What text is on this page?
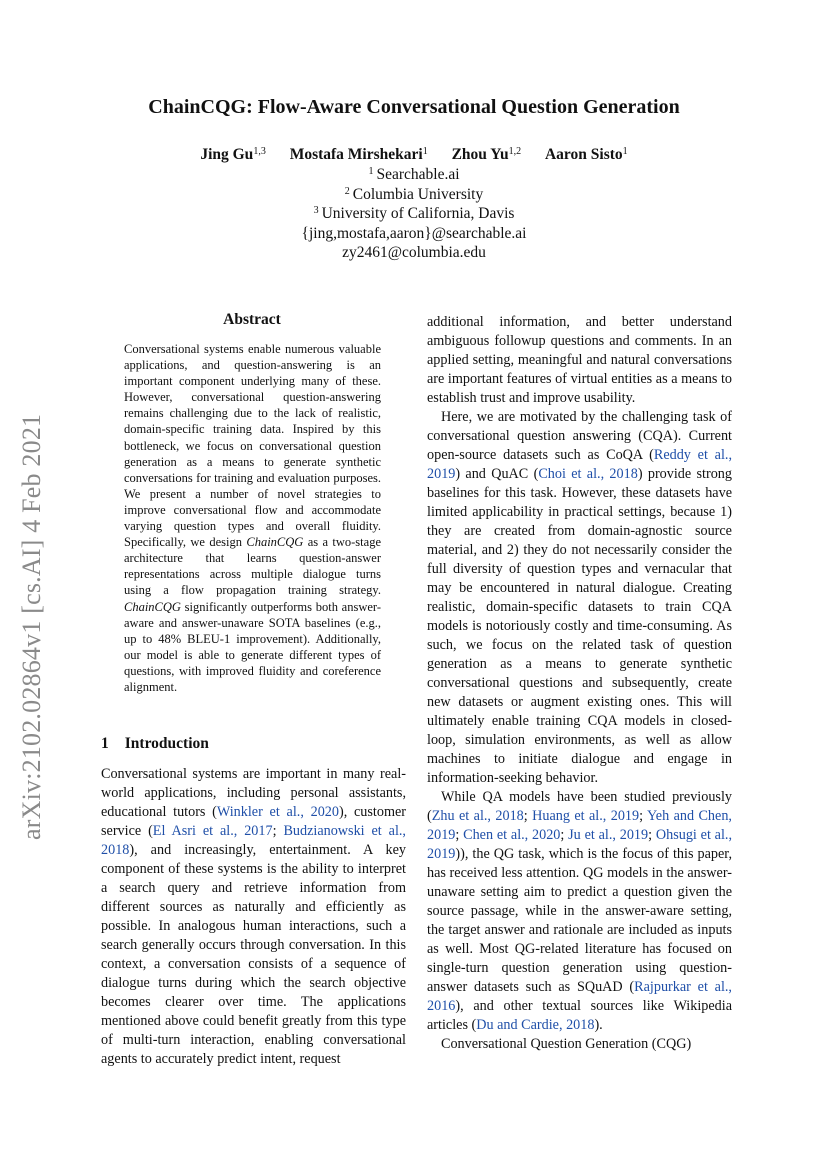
ChainCQG: Flow-Aware Conversational Question Generation
Jing Gu$^{1,3}$ Mostafa Mirshekari$^1$ Zhou Yu$^{1,2}$ Aaron Sisto$^1$
$^1$ Searchable.ai
$^2$ Columbia University
$^3$ University of California, Davis
{jing,mostafa,aaron}@searchable.ai
zy2461@columbia.edu
arXiv:2102.02864v1 [cs.AI] 4 Feb 2021
Abstract
Conversational systems enable numerous valuable applications, and question-answering is an important component underlying many of these. However, conversational question-answering remains challenging due to the lack of realistic, domain-specific training data. Inspired by this bottleneck, we focus on conversational question generation as a means to generate synthetic conversations for training and evaluation purposes. We present a number of novel strategies to improve conversational flow and accommodate varying question types and overall fluidity. Specifically, we design ChainCQG as a two-stage architecture that learns question-answer representations across multiple dialogue turns using a flow propagation training strategy. ChainCQG significantly outperforms both answer-aware and answer-unaware SOTA baselines (e.g., up to 48% BLEU-1 improvement). Additionally, our model is able to generate different types of questions, with improved fluidity and coreference alignment.
1 Introduction
Conversational systems are important in many real-world applications, including personal assistants, educational tutors (Winkler et al., 2020), customer service (El Asri et al., 2017; Budzianowski et al., 2018), and increasingly, entertainment. A key component of these systems is the ability to interpret a search query and retrieve information from different sources as naturally and efficiently as possible. In analogous human interactions, such a search generally occurs through conversation. In this context, a conversation consists of a sequence of dialogue turns during which the search objective becomes clearer over time. The applications mentioned above could benefit greatly from this type of multi-turn interaction, enabling conversational agents to accurately predict intent, request

additional information, and better understand ambiguous followup questions and comments. In an applied setting, meaningful and natural conversations are important features of virtual entities as a means to establish trust and improve usability.

Here, we are motivated by the challenging task of conversational question answering (CQA). Current open-source datasets such as CoQA (Reddy et al., 2019) and QuAC (Choi et al., 2018) provide strong baselines for this task. However, these datasets have limited applicability in practical settings, because 1) they are created from domain-agnostic source material, and 2) they do not necessarily consider the full diversity of question types and vernacular that may be encountered in natural dialogue. Creating realistic, domain-specific datasets to train CQA models is notoriously costly and time-consuming. As such, we focus on the related task of question generation as a means to generate synthetic conversational questions and subsequently, create new datasets or augment existing ones. This will ultimately enable training CQA models in closed-loop, simulation environments, as well as allow machines to initiate dialogue and engage in information-seeking behavior.

While QA models have been studied previously (Zhu et al., 2018; Huang et al., 2019; Yeh and Chen, 2019; Chen et al., 2020; Ju et al., 2019; Ohsugi et al., 2019)), the QG task, which is the focus of this paper, has received less attention. QG models in the answer-unaware setting aim to predict a question given the source passage, while in the answer-aware setting, the target answer and rationale are included as inputs as well. Most QG-related literature has focused on single-turn question generation using question-answer datasets such as SQuAD (Rajpurkar et al., 2016), and other textual sources like Wikipedia articles (Du and Cardie, 2018).

Conversational Question Generation (CQG)
